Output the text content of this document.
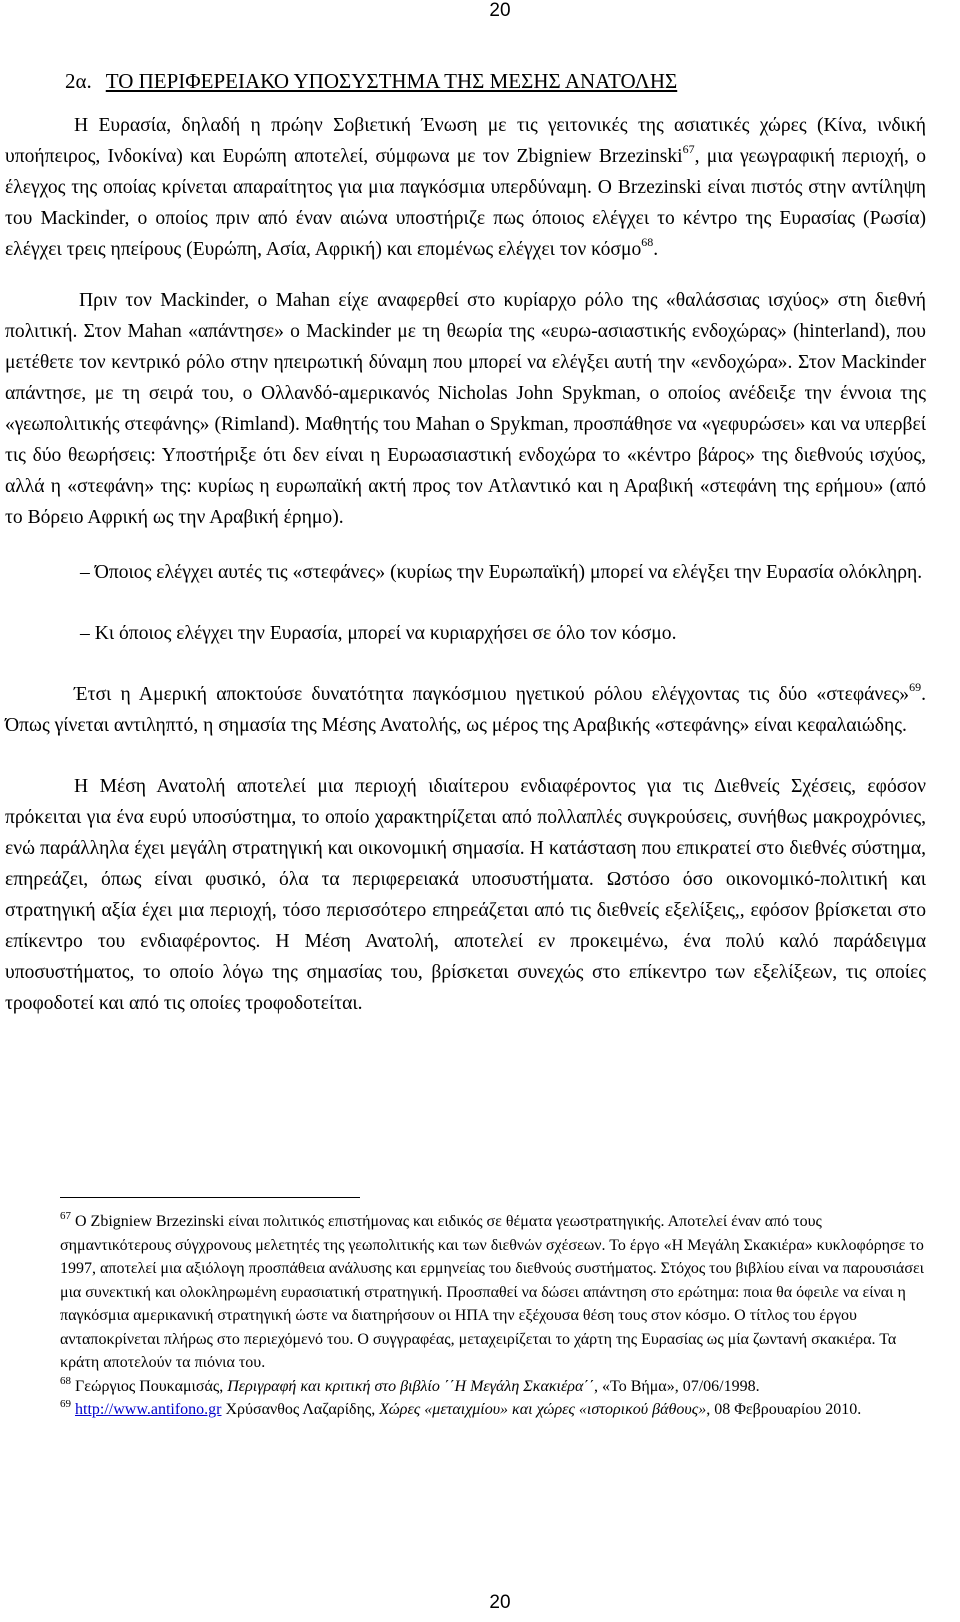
20
2α. ΤΟ ΠΕΡΙΦΕΡΕΙΑΚΟ ΥΠΟΣΥΣΤΗΜΑ ΤΗΣ ΜΕΣΗΣ ΑΝΑΤΟΛΗΣ

Η Ευρασία, δηλαδή η πρώην Σοβιετική Ένωση με τις γειτονικές της ασιατικές χώρες (Κίνα, ινδική υποήπειρος, Ινδοκίνα) και Ευρώπη αποτελεί, σύμφωνα με τον Zbigniew Brzezinski$^{67}$, μια γεωγραφική περιοχή, ο έλεγχος της οποίας κρίνεται απαραίτητος για μια παγκόσμια υπερδύναμη. Ο Brzezinski είναι πιστός στην αντίληψη του Mackinder, ο οποίος πριν από έναν αιώνα υποστήριζε πως όποιος ελέγχει το κέντρο της Ευρασίας (Ρωσία) ελέγχει τρεις ηπείρους (Ευρώπη, Ασία, Αφρική) και επομένως ελέγχει τον κόσμο$^{68}$.

Πριν τον Mackinder, ο Mahan είχε αναφερθεί στο κυρίαρχο ρόλο της «θαλάσσιας ισχύος» στη διεθνή πολιτική. Στον Mahan «απάντησε» ο Mackinder με τη θεωρία της «ευρω-ασιαστικής ενδοχώρας» (hinterland), που μετέθετε τον κεντρικό ρόλο στην ηπειρωτική δύναμη που μπορεί να ελέγξει αυτή την «ενδοχώρα». Στον Mackinder απάντησε, με τη σειρά του, ο Ολλανδό-αμερικανός Nicholas John Spykman, ο οποίος ανέδειξε την έννοια της «γεωπολιτικής στεφάνης» (Rimland). Μαθητής του Mahan ο Spykman, προσπάθησε να «γεφυρώσει» και να υπερβεί τις δύο θεωρήσεις: Υποστήριξε ότι δεν είναι η Ευρωασιαστική ενδοχώρα το «κέντρο βάρος» της διεθνούς ισχύος, αλλά η «στεφάνη» της: κυρίως η ευρωπαϊκή ακτή προς τον Ατλαντικό και η Αραβική «στεφάνη της ερήμου» (από το Βόρειο Αφρική ως την Αραβική έρημο).

– Όποιος ελέγχει αυτές τις «στεφάνες» (κυρίως την Ευρωπαϊκή) μπορεί να ελέγξει την Ευρασία ολόκληρη.

– Κι όποιος ελέγχει την Ευρασία, μπορεί να κυριαρχήσει σε όλο τον κόσμο.

Έτσι η Αμερική αποκτούσε δυνατότητα παγκόσμιου ηγετικού ρόλου ελέγχοντας τις δύο «στεφάνες»$^{69}$. Όπως γίνεται αντιληπτό, η σημασία της Μέσης Ανατολής, ως μέρος της Αραβικής «στεφάνης» είναι κεφαλαιώδης.

Η Μέση Ανατολή αποτελεί μια περιοχή ιδιαίτερου ενδιαφέροντος για τις Διεθνείς Σχέσεις, εφόσον πρόκειται για ένα ευρύ υποσύστημα, το οποίο χαρακτηρίζεται από πολλαπλές συγκρούσεις, συνήθως μακροχρόνιες, ενώ παράλληλα έχει μεγάλη στρατηγική και οικονομική σημασία. Η κατάσταση που επικρατεί στο διεθνές σύστημα, επηρεάζει, όπως είναι φυσικό, όλα τα περιφερειακά υποσυστήματα. Ωστόσο όσο οικονομικό-πολιτική και στρατηγική αξία έχει μια περιοχή, τόσο περισσότερο επηρεάζεται από τις διεθνείς εξελίξεις,, εφόσον βρίσκεται στο επίκεντρο του ενδιαφέροντος. Η Μέση Ανατολή, αποτελεί εν προκειμένω, ένα πολύ καλό παράδειγμα υποσυστήματος, το οποίο λόγω της σημασίας του, βρίσκεται συνεχώς στο επίκεντρο των εξελίξεων, τις οποίες τροφοδοτεί και από τις οποίες τροφοδοτείται.

$^{67}$ Ο Zbigniew Brzezinski είναι πολιτικός επιστήμονας και ειδικός σε θέματα γεωστρατηγικής. Αποτελεί έναν από τους σημαντικότερους σύγχρονους μελετητές της γεωπολιτικής και των διεθνών σχέσεων. Το έργο «Η Μεγάλη Σκακιέρα» κυκλοφόρησε το 1997, αποτελεί μια αξιόλογη προσπάθεια ανάλυσης και ερμηνείας του διεθνούς συστήματος. Στόχος του βιβλίου είναι να παρουσιάσει μια συνεκτική και ολοκληρωμένη ευρασιατική στρατηγική. Προσπαθεί να δώσει απάντηση στο ερώτημα: ποια θα όφειλε να είναι η παγκόσμια αμερικανική στρατηγική ώστε να διατηρήσουν οι ΗΠΑ την εξέχουσα θέση τους στον κόσμο. Ο τίτλος του έργου ανταποκρίνεται πλήρως στο περιεχόμενό του. Ο συγγραφέας, μεταχειρίζεται το χάρτη της Ευρασίας ως μία ζωντανή σκακιέρα. Τα κράτη αποτελούν τα πιόνια του.

$^{68}$ Γεώργιος Πουκαμισάς, Περιγραφή και κριτική στο βιβλίο ΄΄Η Μεγάλη Σκακιέρα΄΄, «Το Βήμα», 07/06/1998.

$^{69}$ http://www.antifono.gr Χρύσανθος Λαζαρίδης, Χώρες «μεταιχμίου» και χώρες «ιστορικού βάθους», 08 Φεβρουαρίου 2010.

20
